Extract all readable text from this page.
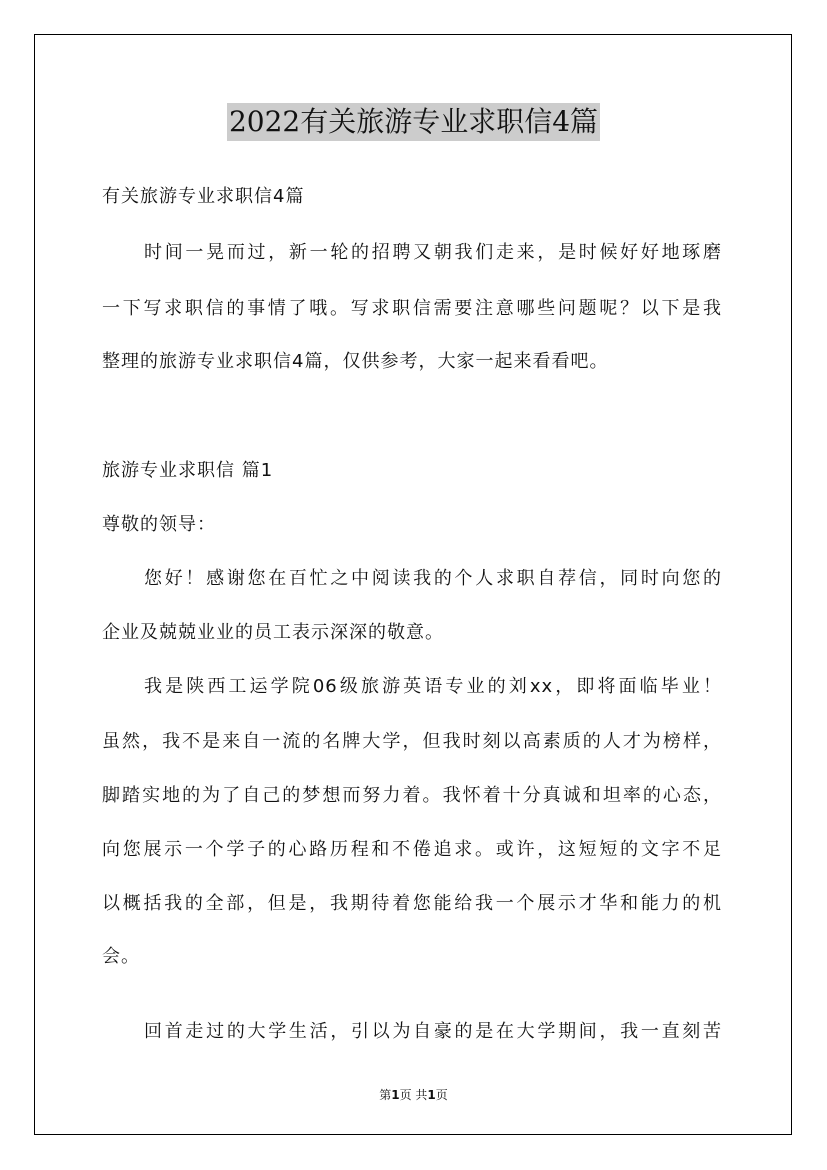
2022有关旅游专业求职信4篇
有关旅游专业求职信4篇
时间一晃而过，新一轮的招聘又朝我们走来，是时候好好地琢磨
一下写求职信的事情了哦。写求职信需要注意哪些问题呢？以下是我
整理的旅游专业求职信4篇，仅供参考，大家一起来看看吧。
旅游专业求职信 篇1
尊敬的领导：
您好！感谢您在百忙之中阅读我的个人求职自荐信，同时向您的
企业及兢兢业业的员工表示深深的敬意。
我是陕西工运学院06级旅游英语专业的刘xx，即将面临毕业！
虽然，我不是来自一流的名牌大学，但我时刻以高素质的人才为榜样，
脚踏实地的为了自己的梦想而努力着。我怀着十分真诚和坦率的心态，
向您展示一个学子的心路历程和不倦追求。或许，这短短的文字不足
以概括我的全部，但是，我期待着您能给我一个展示才华和能力的机
会。
回首走过的大学生活，引以为自豪的是在大学期间，我一直刻苦
第1页 共1页
